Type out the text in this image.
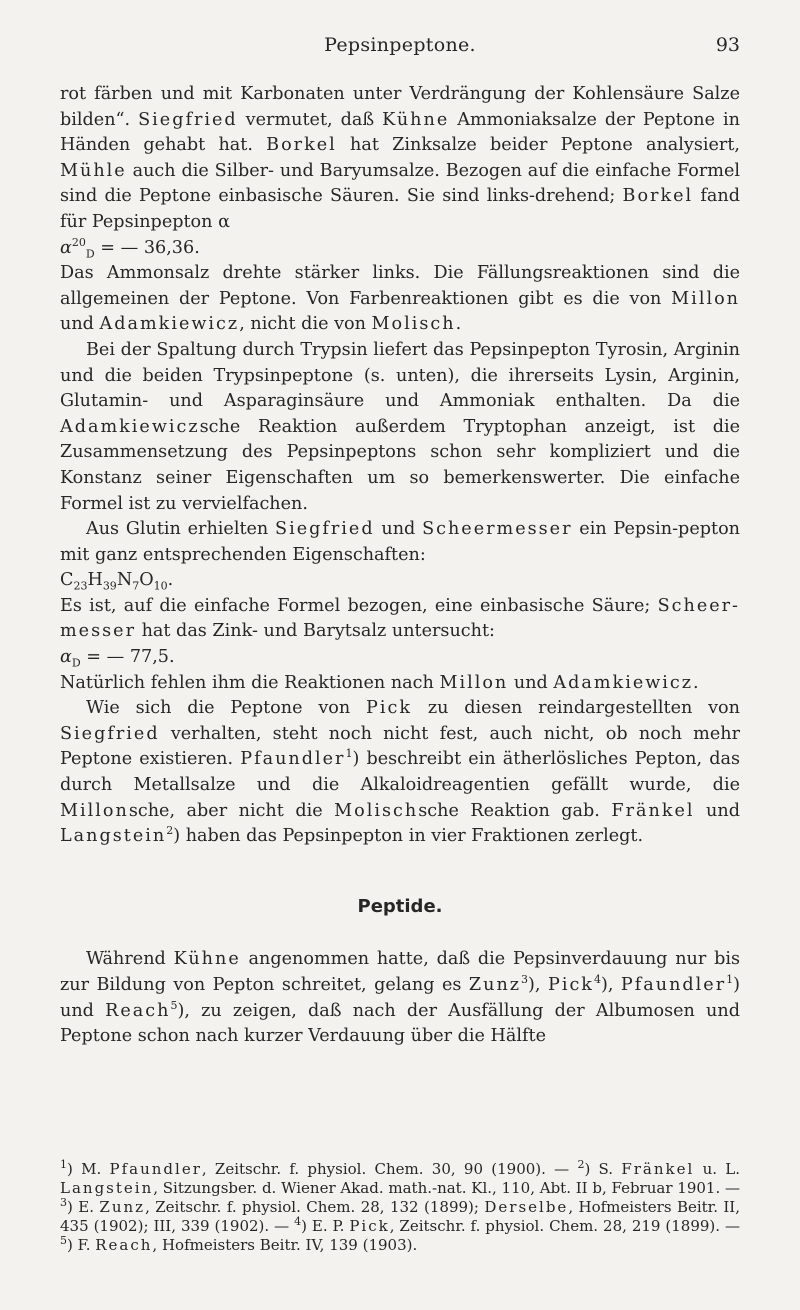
Pepsinpeptone.	93

rot färben und mit Karbonaten unter Verdrängung der Kohlensäure Salze bilden“. Siegfried vermutet, daß Kühne Ammoniaksalze der Peptone in Händen gehabt hat. Borkel hat Zinksalze beider Peptone analysiert, Mühle auch die Silber- und Baryumsalze. Bezogen auf die einfache Formel sind die Peptone einbasische Säuren. Sie sind links-drehend; Borkel fand für Pepsinpepton α

$\alpha^{20}_D$ = — 36,36.

Das Ammonsalz drehte stärker links. Die Fällungsreaktionen sind die allgemeinen der Peptone. Von Farbenreaktionen gibt es die von Millon und Adamkiewicz, nicht die von Molisch.

Bei der Spaltung durch Trypsin liefert das Pepsinpepton Tyrosin, Arginin und die beiden Trypsinpeptone (s. unten), die ihrerseits Lysin, Arginin, Glutamin- und Asparaginsäure und Ammoniak enthalten. Da die Adamkiewiczsche Reaktion außerdem Tryptophan anzeigt, ist die Zusammensetzung des Pepsinpeptons schon sehr kompliziert und die Konstanz seiner Eigenschaften um so bemerkenswerter. Die einfache Formel ist zu vervielfachen.

Aus Glutin erhielten Siegfried und Scheermesser ein Pepsin-pepton mit ganz entsprechenden Eigenschaften:

$C_{23}H_{39}N_7O_{10}$.

Es ist, auf die einfache Formel bezogen, eine einbasische Säure; Scheer-messer hat das Zink- und Barytsalz untersucht:

$\alpha_D$ = — 77,5.

Natürlich fehlen ihm die Reaktionen nach Millon und Adamkiewicz.

Wie sich die Peptone von Pick zu diesen reindargestellten von Siegfried verhalten, steht noch nicht fest, auch nicht, ob noch mehr Peptone existieren. Pfaundler$^1$) beschreibt ein ätherlösliches Pepton, das durch Metallsalze und die Alkaloidreagentien gefällt wurde, die Millonsche, aber nicht die Molischsche Reaktion gab. Fränkel und Langstein$^2$) haben das Pepsinpepton in vier Fraktionen zerlegt.

Peptide.

Während Kühne angenommen hatte, daß die Pepsinverdauung nur bis zur Bildung von Pepton schreitet, gelang es Zunz$^3$), Pick$^4$), Pfaundler$^1$) und Reach$^5$), zu zeigen, daß nach der Ausfällung der Albumosen und Peptone schon nach kurzer Verdauung über die Hälfte

$^1$) M. Pfaundler, Zeitschr. f. physiol. Chem. 30, 90 (1900). — $^2$) S. Fränkel u. L. Langstein, Sitzungsber. d. Wiener Akad. math.-nat. Kl., 110, Abt. II b, Februar 1901. — $^3$) E. Zunz, Zeitschr. f. physiol. Chem. 28, 132 (1899); Derselbe, Hofmeisters Beitr. II, 435 (1902); III, 339 (1902). — $^4$) E. P. Pick, Zeitschr. f. physiol. Chem. 28, 219 (1899). — $^5$) F. Reach, Hofmeisters Beitr. IV, 139 (1903).
